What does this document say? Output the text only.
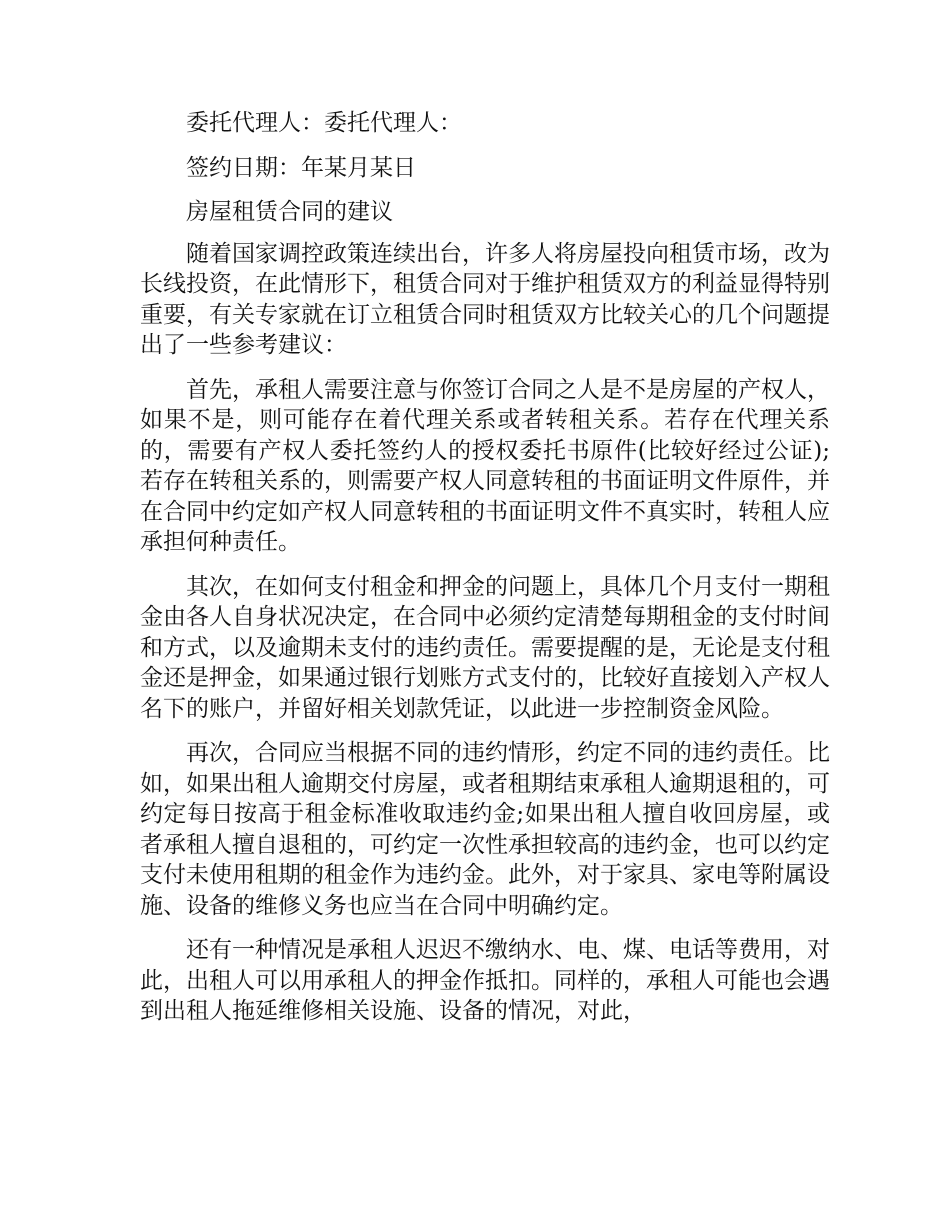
委托代理人：委托代理人：

签约日期：年某月某日

房屋租赁合同的建议

随着国家调控政策连续出台，许多人将房屋投向租赁市场，改为长线投资，在此情形下，租赁合同对于维护租赁双方的利益显得特别重要，有关专家就在订立租赁合同时租赁双方比较关心的几个问题提出了一些参考建议：

首先，承租人需要注意与你签订合同之人是不是房屋的产权人，如果不是，则可能存在着代理关系或者转租关系。若存在代理关系的，需要有产权人委托签约人的授权委托书原件(比较好经过公证);若存在转租关系的，则需要产权人同意转租的书面证明文件原件，并在合同中约定如产权人同意转租的书面证明文件不真实时，转租人应承担何种责任。

其次，在如何支付租金和押金的问题上，具体几个月支付一期租金由各人自身状况决定，在合同中必须约定清楚每期租金的支付时间和方式，以及逾期未支付的违约责任。需要提醒的是，无论是支付租金还是押金，如果通过银行划账方式支付的，比较好直接划入产权人名下的账户，并留好相关划款凭证，以此进一步控制资金风险。

再次，合同应当根据不同的违约情形，约定不同的违约责任。比如，如果出租人逾期交付房屋，或者租期结束承租人逾期退租的，可约定每日按高于租金标准收取违约金;如果出租人擅自收回房屋，或者承租人擅自退租的，可约定一次性承担较高的违约金，也可以约定支付未使用租期的租金作为违约金。此外，对于家具、家电等附属设施、设备的维修义务也应当在合同中明确约定。

还有一种情况是承租人迟迟不缴纳水、电、煤、电话等费用，对此，出租人可以用承租人的押金作抵扣。同样的，承租人可能也会遇到出租人拖延维修相关设施、设备的情况，对此，
